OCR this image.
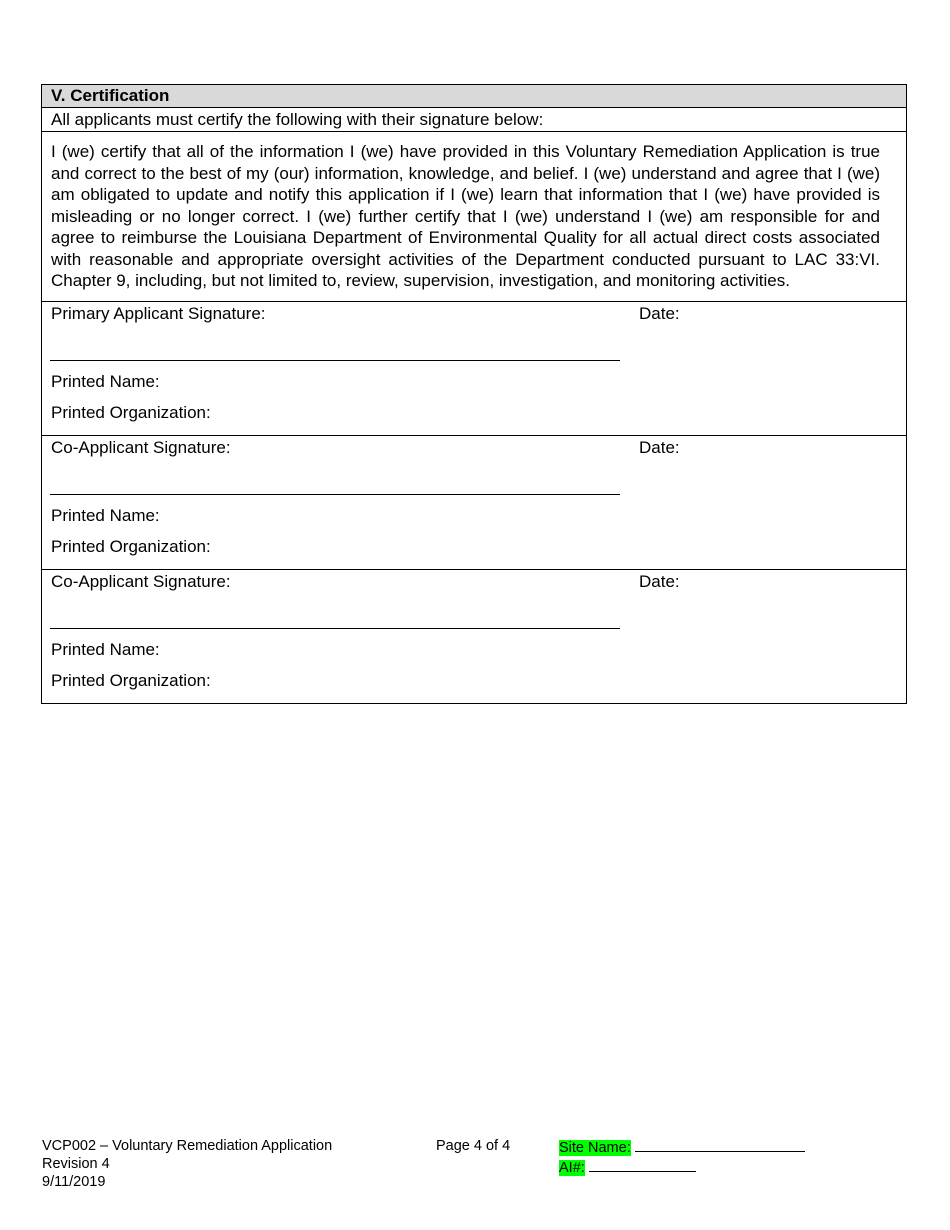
V. Certification
All applicants must certify the following with their signature below:
I (we) certify that all of the information I (we) have provided in this Voluntary Remediation Application is true and correct to the best of my (our) information, knowledge, and belief. I (we) understand and agree that I (we) am obligated to update and notify this application if I (we) learn that information that I (we) have provided is misleading or no longer correct. I (we) further certify that I (we) understand I (we) am responsible for and agree to reimburse the Louisiana Department of Environmental Quality for all actual direct costs associated with reasonable and appropriate oversight activities of the Department conducted pursuant to LAC 33:VI. Chapter 9, including, but not limited to, review, supervision, investigation, and monitoring activities.
Primary Applicant Signature:	Date:
Printed Name:
Printed Organization:
Co-Applicant Signature:	Date:
Printed Name:
Printed Organization:
Co-Applicant Signature:	Date:
Printed Name:
Printed Organization:
VCP002 – Voluntary Remediation Application
Revision 4
9/11/2019
Page 4 of 4	Site Name:
AI#:
